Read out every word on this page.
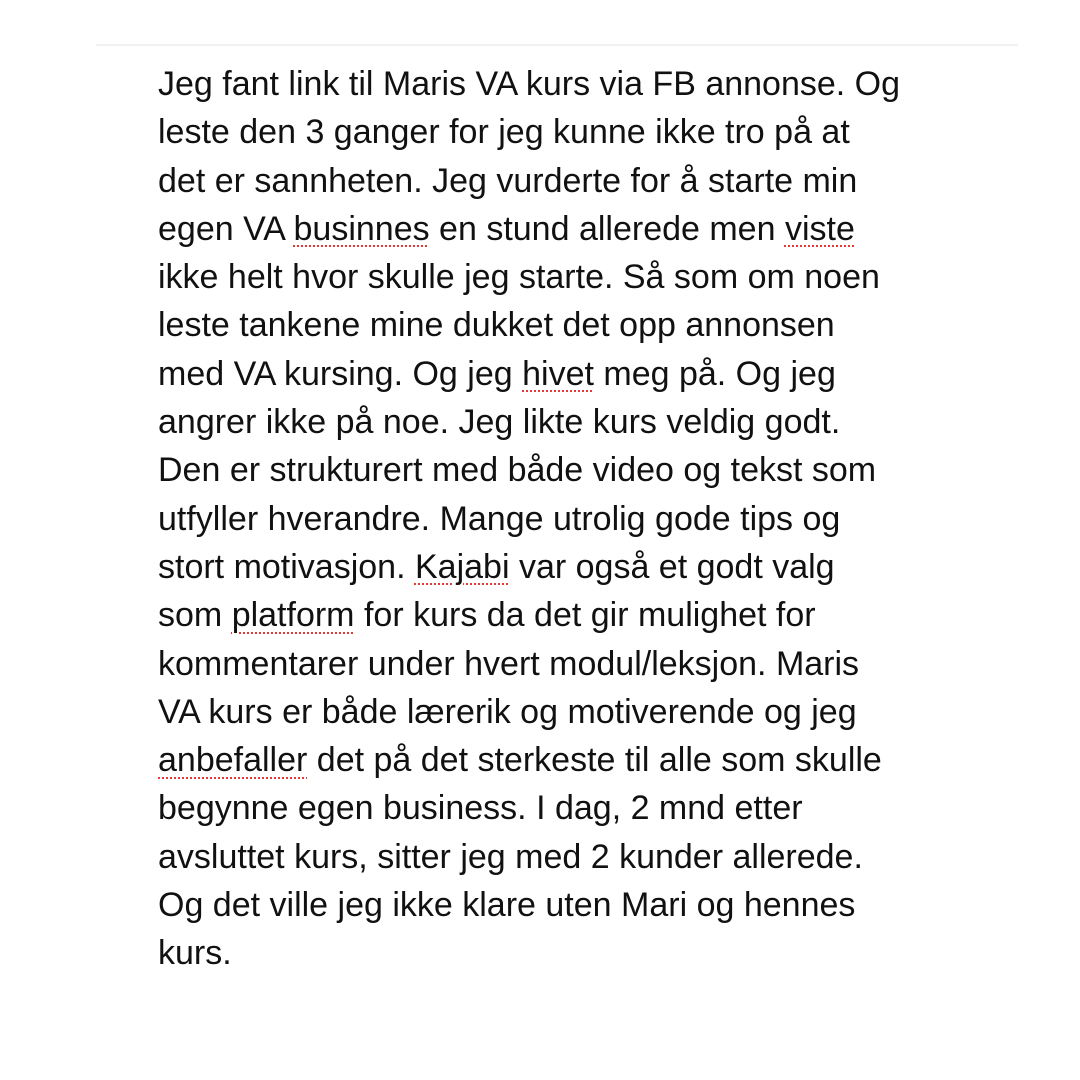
Jeg fant link til Maris VA kurs via FB annonse. Og
leste den 3 ganger for jeg kunne ikke tro på at
det er sannheten. Jeg vurderte for å starte min
egen VA businnes en stund allerede men viste
ikke helt hvor skulle jeg starte. Så som om noen
leste tankene mine dukket det opp annonsen
med VA kursing. Og jeg hivet meg på. Og jeg
angrer ikke på noe. Jeg likte kurs veldig godt.
Den er strukturert med både video og tekst som
utfyller hverandre. Mange utrolig gode tips og
stort motivasjon. Kajabi var også et godt valg
som platform for kurs da det gir mulighet for
kommentarer under hvert modul/leksjon. Maris
VA kurs er både lærerik og motiverende og jeg
anbefaller det på det sterkeste til alle som skulle
begynne egen business. I dag, 2 mnd etter
avsluttet kurs, sitter jeg med 2 kunder allerede.
Og det ville jeg ikke klare uten Mari og hennes
kurs.
